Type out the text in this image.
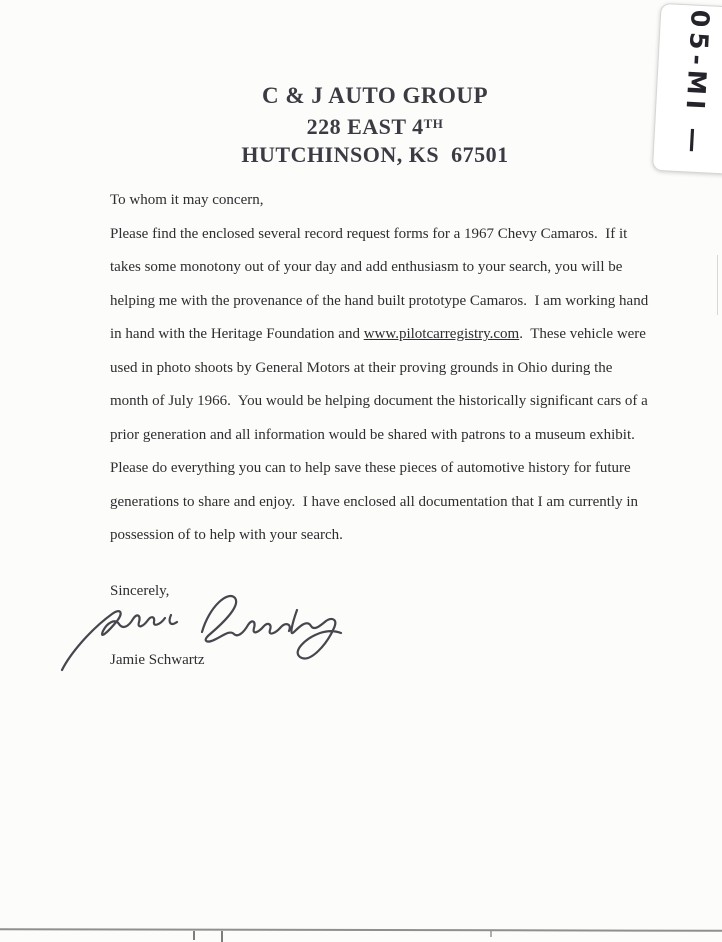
05-MI —
C & J AUTO GROUP
228 EAST 4TH
HUTCHINSON, KS  67501
To whom it may concern,
Please find the enclosed several record request forms for a 1967 Chevy Camaros.  If it
takes some monotony out of your day and add enthusiasm to your search, you will be
helping me with the provenance of the hand built prototype Camaros.  I am working hand
in hand with the Heritage Foundation and www.pilotcarregistry.com.  These vehicle were
used in photo shoots by General Motors at their proving grounds in Ohio during the
month of July 1966.  You would be helping document the historically significant cars of a
prior generation and all information would be shared with patrons to a museum exhibit.
Please do everything you can to help save these pieces of automotive history for future
generations to share and enjoy.  I have enclosed all documentation that I am currently in
possession of to help with your search.
Sincerely,
Jamie Schwartz
